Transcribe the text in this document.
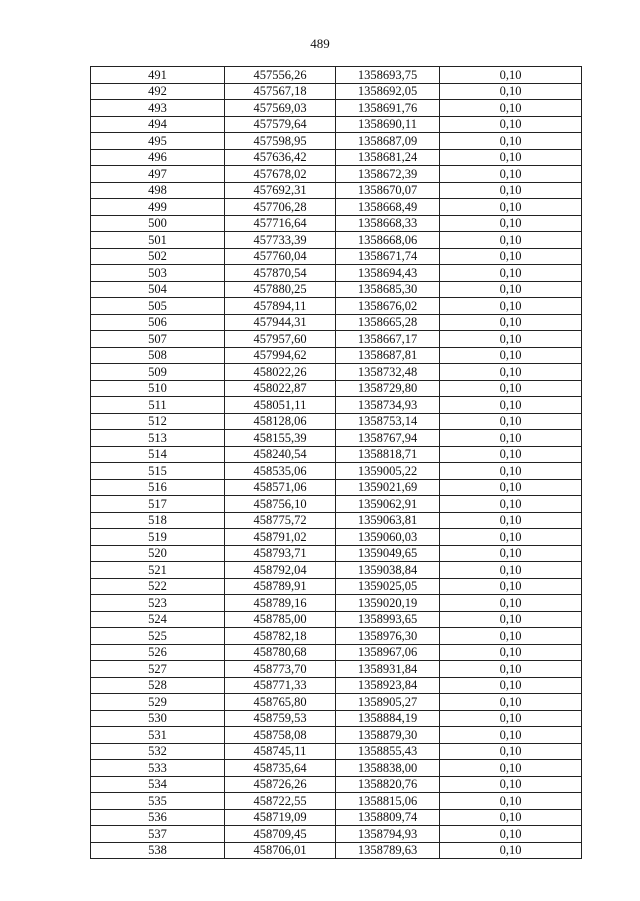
489
491	457556,26	1358693,75	0,10
492	457567,18	1358692,05	0,10
493	457569,03	1358691,76	0,10
494	457579,64	1358690,11	0,10
495	457598,95	1358687,09	0,10
496	457636,42	1358681,24	0,10
497	457678,02	1358672,39	0,10
498	457692,31	1358670,07	0,10
499	457706,28	1358668,49	0,10
500	457716,64	1358668,33	0,10
501	457733,39	1358668,06	0,10
502	457760,04	1358671,74	0,10
503	457870,54	1358694,43	0,10
504	457880,25	1358685,30	0,10
505	457894,11	1358676,02	0,10
506	457944,31	1358665,28	0,10
507	457957,60	1358667,17	0,10
508	457994,62	1358687,81	0,10
509	458022,26	1358732,48	0,10
510	458022,87	1358729,80	0,10
511	458051,11	1358734,93	0,10
512	458128,06	1358753,14	0,10
513	458155,39	1358767,94	0,10
514	458240,54	1358818,71	0,10
515	458535,06	1359005,22	0,10
516	458571,06	1359021,69	0,10
517	458756,10	1359062,91	0,10
518	458775,72	1359063,81	0,10
519	458791,02	1359060,03	0,10
520	458793,71	1359049,65	0,10
521	458792,04	1359038,84	0,10
522	458789,91	1359025,05	0,10
523	458789,16	1359020,19	0,10
524	458785,00	1358993,65	0,10
525	458782,18	1358976,30	0,10
526	458780,68	1358967,06	0,10
527	458773,70	1358931,84	0,10
528	458771,33	1358923,84	0,10
529	458765,80	1358905,27	0,10
530	458759,53	1358884,19	0,10
531	458758,08	1358879,30	0,10
532	458745,11	1358855,43	0,10
533	458735,64	1358838,00	0,10
534	458726,26	1358820,76	0,10
535	458722,55	1358815,06	0,10
536	458719,09	1358809,74	0,10
537	458709,45	1358794,93	0,10
538	458706,01	1358789,63	0,10
